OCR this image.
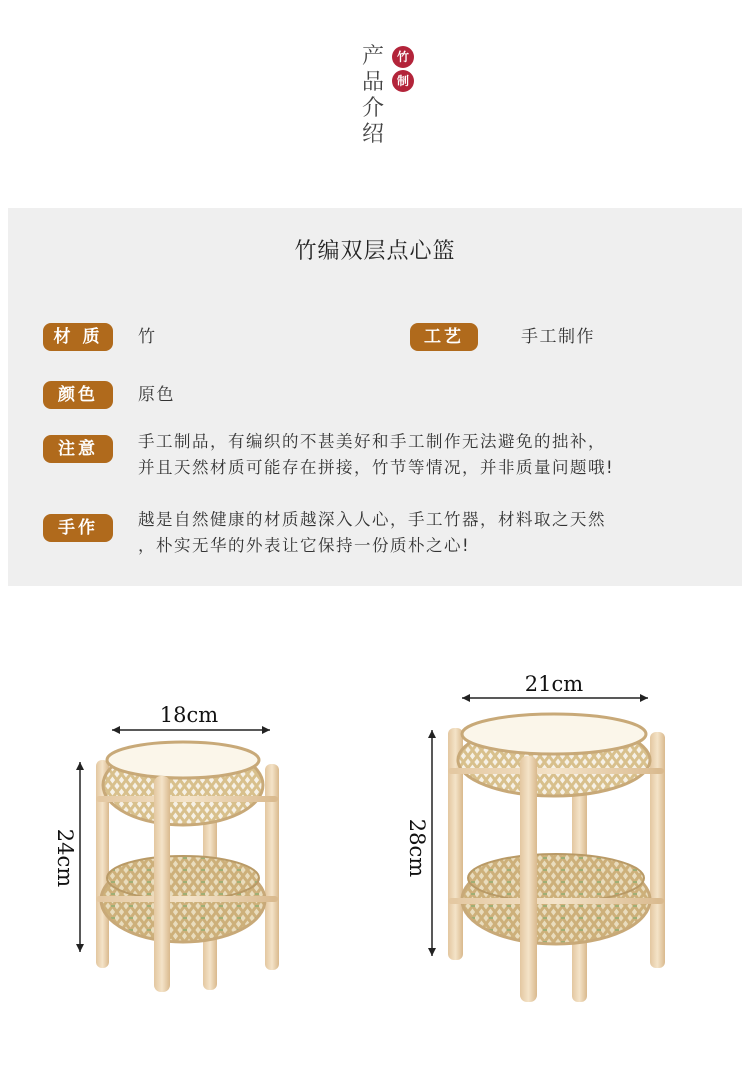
产
品
介
绍
竹
制
竹编双层点心篮
材 质	竹	工艺	手工制作
颜色	原色
注意	手工制品，有编织的不甚美好和手工制作无法避免的拙补，
并且天然材质可能存在拼接，竹节等情况，并非质量问题哦!
手作	越是自然健康的材质越深入人心，手工竹器，材料取之天然
，朴实无华的外表让它保持一份质朴之心!
18cm
24cm
21cm
28cm
